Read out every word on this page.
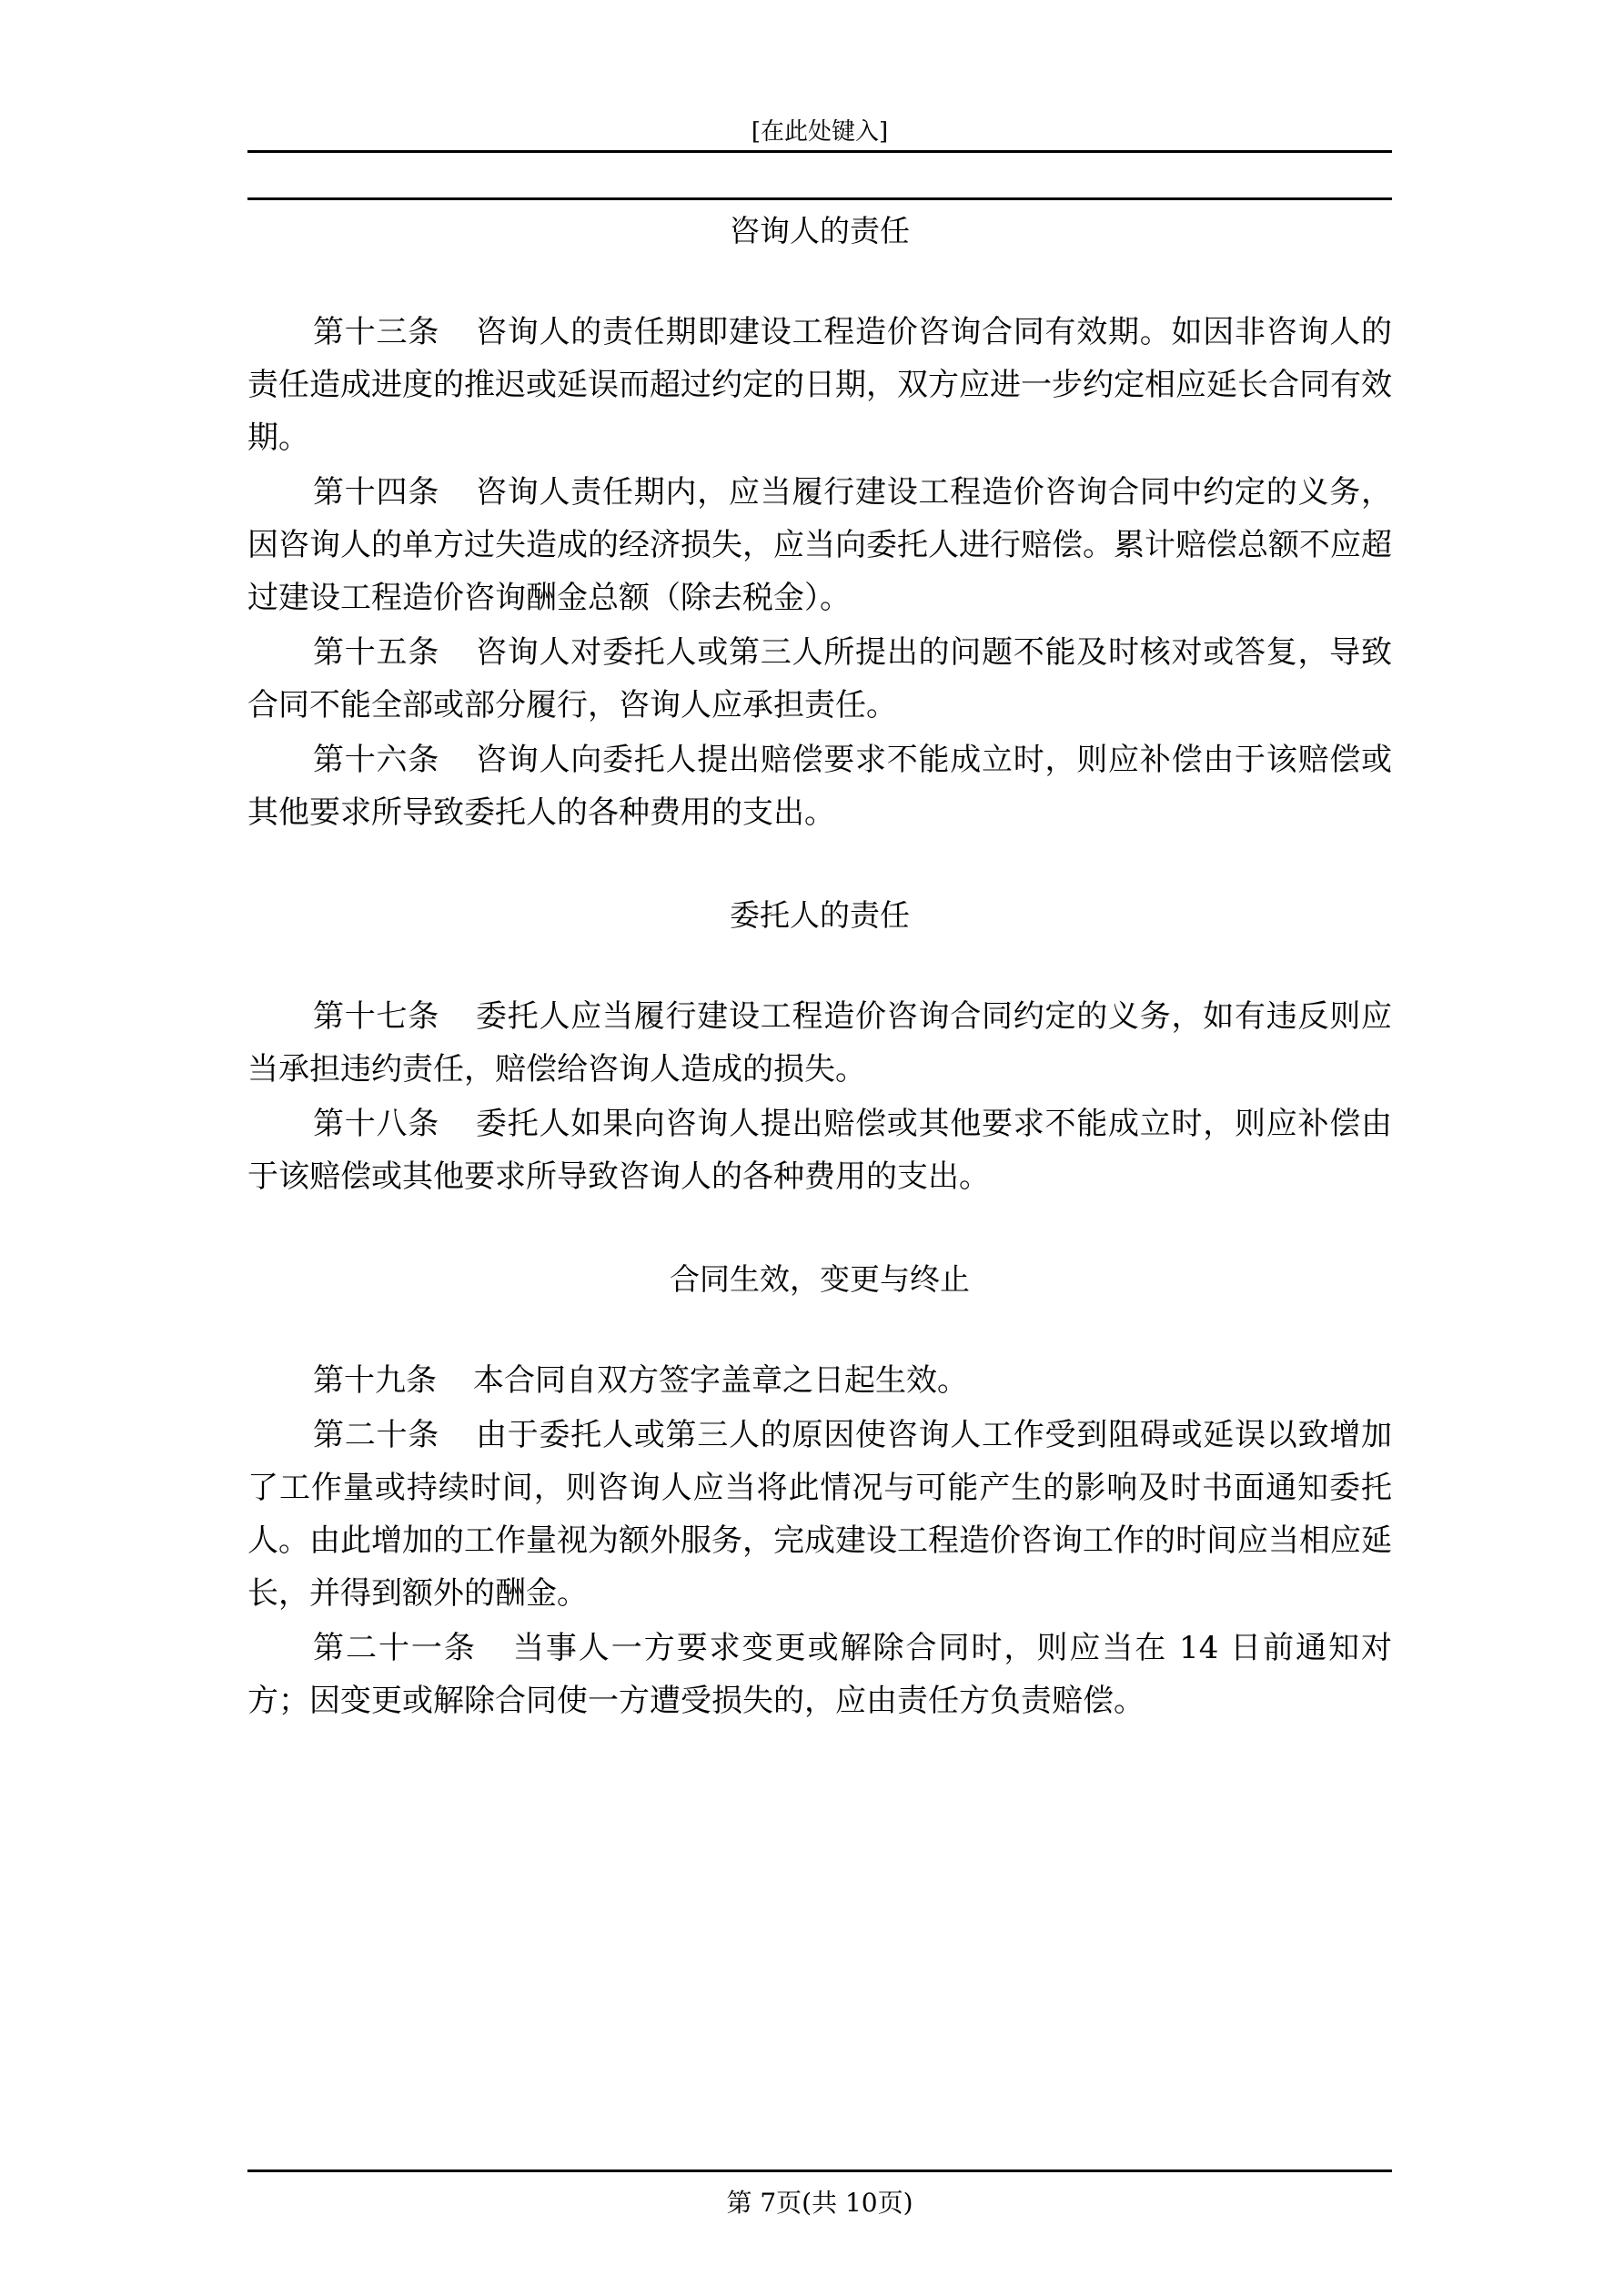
[在此处键入]
咨询人的责任

第十三条 咨询人的责任期即建设工程造价咨询合同有效期。如因非咨询人的责任造成进度的推迟或延误而超过约定的日期，双方应进一步约定相应延长合同有效期。

第十四条 咨询人责任期内，应当履行建设工程造价咨询合同中约定的义务，因咨询人的单方过失造成的经济损失，应当向委托人进行赔偿。累计赔偿总额不应超过建设工程造价咨询酬金总额（除去税金）。

第十五条 咨询人对委托人或第三人所提出的问题不能及时核对或答复，导致合同不能全部或部分履行，咨询人应承担责任。

第十六条 咨询人向委托人提出赔偿要求不能成立时，则应补偿由于该赔偿或其他要求所导致委托人的各种费用的支出。

委托人的责任

第十七条 委托人应当履行建设工程造价咨询合同约定的义务，如有违反则应当承担违约责任，赔偿给咨询人造成的损失。

第十八条 委托人如果向咨询人提出赔偿或其他要求不能成立时，则应补偿由于该赔偿或其他要求所导致咨询人的各种费用的支出。

合同生效，变更与终止

第十九条 本合同自双方签字盖章之日起生效。

第二十条 由于委托人或第三人的原因使咨询人工作受到阻碍或延误以致增加了工作量或持续时间，则咨询人应当将此情况与可能产生的影响及时书面通知委托人。由此增加的工作量视为额外服务，完成建设工程造价咨询工作的时间应当相应延长，并得到额外的酬金。

第二十一条 当事人一方要求变更或解除合同时，则应当在 14 日前通知对方；因变更或解除合同使一方遭受损失的，应由责任方负责赔偿。

第 7页(共 10页)
